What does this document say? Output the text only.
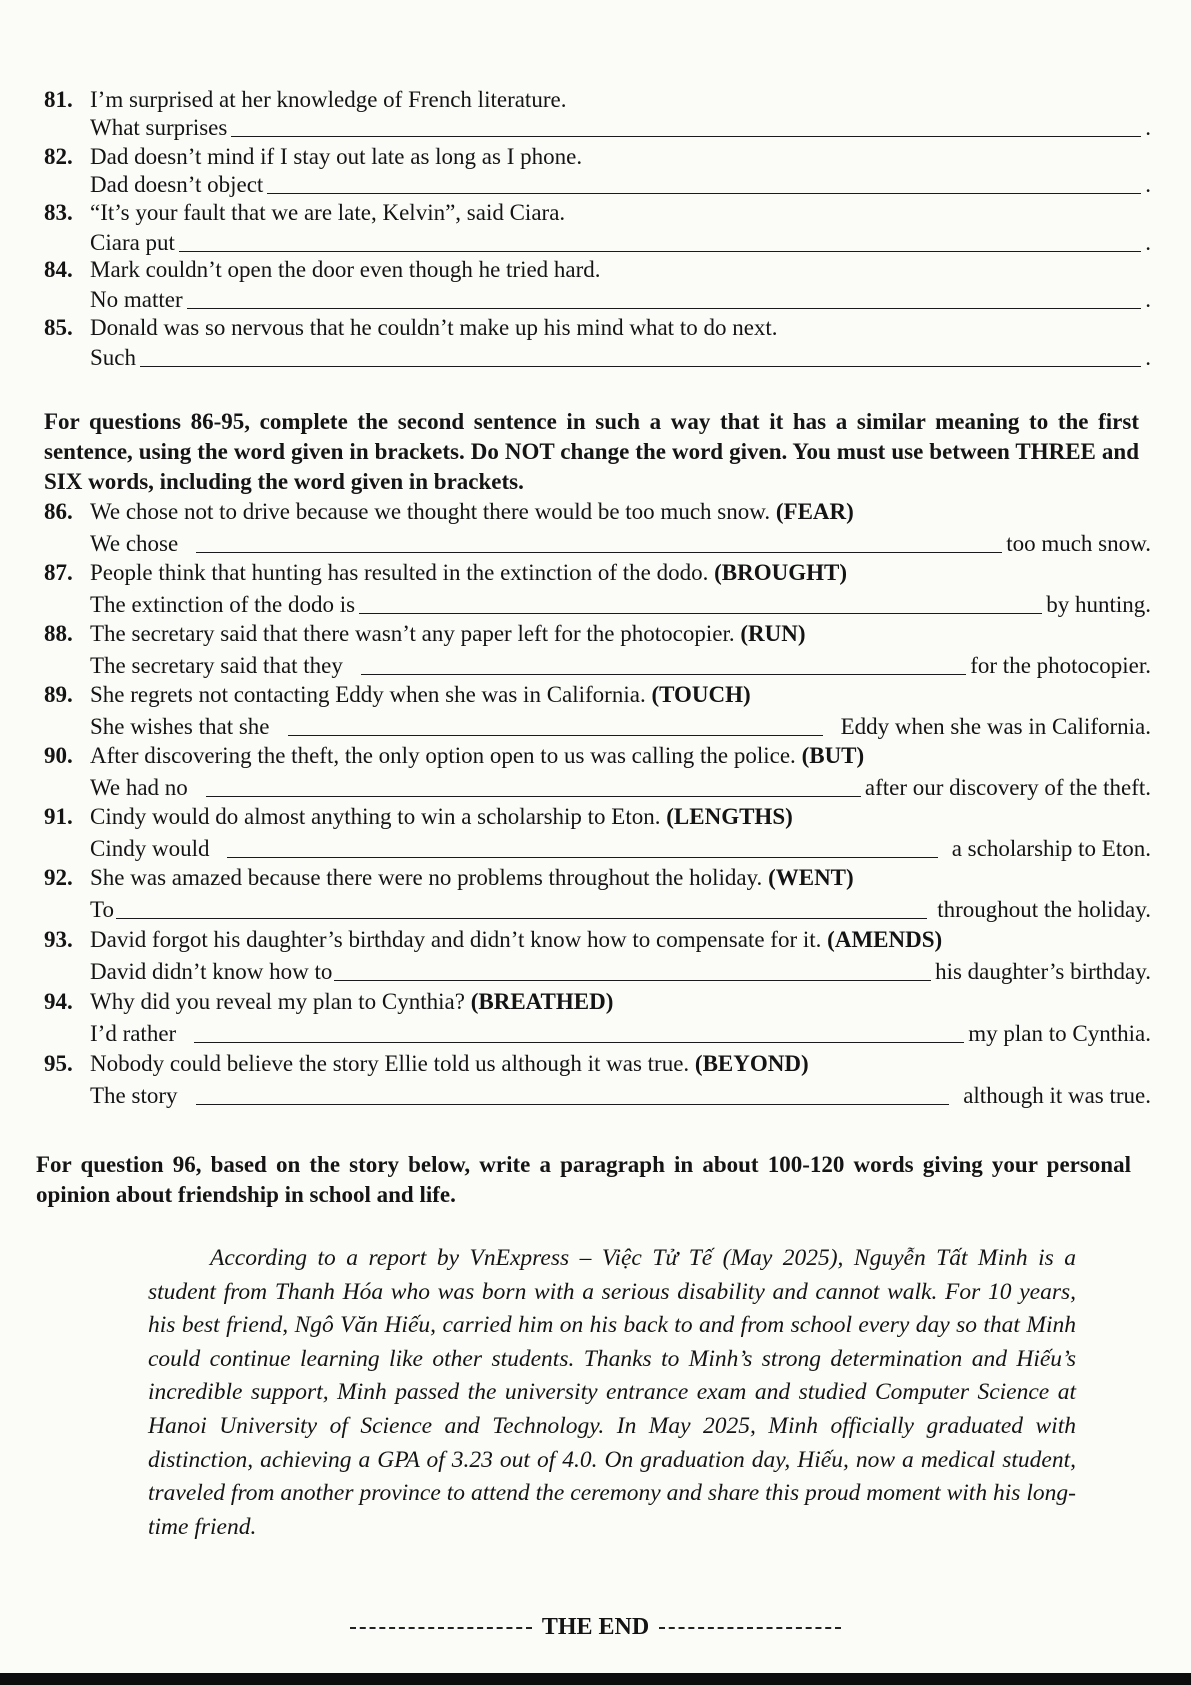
81. I’m surprised at her knowledge of French literature.
What surprises	.
82. Dad doesn’t mind if I stay out late as long as I phone.
Dad doesn’t object	.
83. “It’s your fault that we are late, Kelvin”, said Ciara.
Ciara put	.
84. Mark couldn’t open the door even though he tried hard.
No matter	.
85. Donald was so nervous that he couldn’t make up his mind what to do next.
Such	.
For questions 86-95, complete the second sentence in such a way that it has a similar meaning to the first sentence, using the word given in brackets. Do NOT change the word given. You must use between THREE and SIX words, including the word given in brackets.
86. We chose not to drive because we thought there would be too much snow. (FEAR)
We chose	too much snow.
87. People think that hunting has resulted in the extinction of the dodo. (BROUGHT)
The extinction of the dodo is	by hunting.
88. The secretary said that there wasn’t any paper left for the photocopier. (RUN)
The secretary said that they	for the photocopier.
89. She regrets not contacting Eddy when she was in California. (TOUCH)
She wishes that she	Eddy when she was in California.
90. After discovering the theft, the only option open to us was calling the police. (BUT)
We had no	after our discovery of the theft.
91. Cindy would do almost anything to win a scholarship to Eton. (LENGTHS)
Cindy would	a scholarship to Eton.
92. She was amazed because there were no problems throughout the holiday. (WENT)
To	throughout the holiday.
93. David forgot his daughter’s birthday and didn’t know how to compensate for it. (AMENDS)
David didn’t know how to	his daughter’s birthday.
94. Why did you reveal my plan to Cynthia? (BREATHED)
I’d rather	my plan to Cynthia.
95. Nobody could believe the story Ellie told us although it was true. (BEYOND)
The story	although it was true.
For question 96, based on the story below, write a paragraph in about 100-120 words giving your personal opinion about friendship in school and life.
According to a report by VnExpress – Việc Tử Tế (May 2025), Nguyễn Tất Minh is a student from Thanh Hóa who was born with a serious disability and cannot walk. For 10 years, his best friend, Ngô Văn Hiếu, carried him on his back to and from school every day so that Minh could continue learning like other students. Thanks to Minh’s strong determination and Hiếu’s incredible support, Minh passed the university entrance exam and studied Computer Science at Hanoi University of Science and Technology. In May 2025, Minh officially graduated with distinction, achieving a GPA of 3.23 out of 4.0. On graduation day, Hiếu, now a medical student, traveled from another province to attend the ceremony and share this proud moment with his long-time friend.
THE END
